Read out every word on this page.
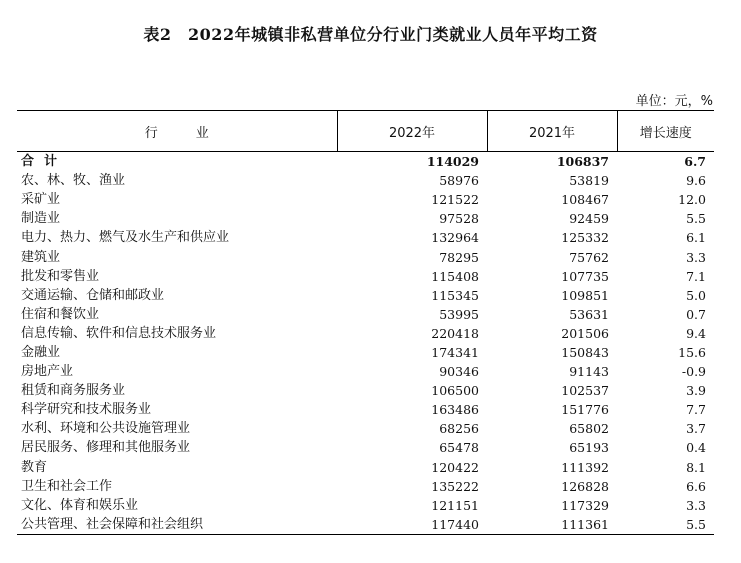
表2　2022年城镇非私营单位分行业门类就业人员年平均工资
单位：元，%
行业	2022年	2021年	增长速度
合计	114029	106837	6.7
农、林、牧、渔业	58976	53819	9.6
采矿业	121522	108467	12.0
制造业	97528	92459	5.5
电力、热力、燃气及水生产和供应业	132964	125332	6.1
建筑业	78295	75762	3.3
批发和零售业	115408	107735	7.1
交通运输、仓储和邮政业	115345	109851	5.0
住宿和餐饮业	53995	53631	0.7
信息传输、软件和信息技术服务业	220418	201506	9.4
金融业	174341	150843	15.6
房地产业	90346	91143	-0.9
租赁和商务服务业	106500	102537	3.9
科学研究和技术服务业	163486	151776	7.7
水利、环境和公共设施管理业	68256	65802	3.7
居民服务、修理和其他服务业	65478	65193	0.4
教育	120422	111392	8.1
卫生和社会工作	135222	126828	6.6
文化、体育和娱乐业	121151	117329	3.3
公共管理、社会保障和社会组织	117440	111361	5.5
